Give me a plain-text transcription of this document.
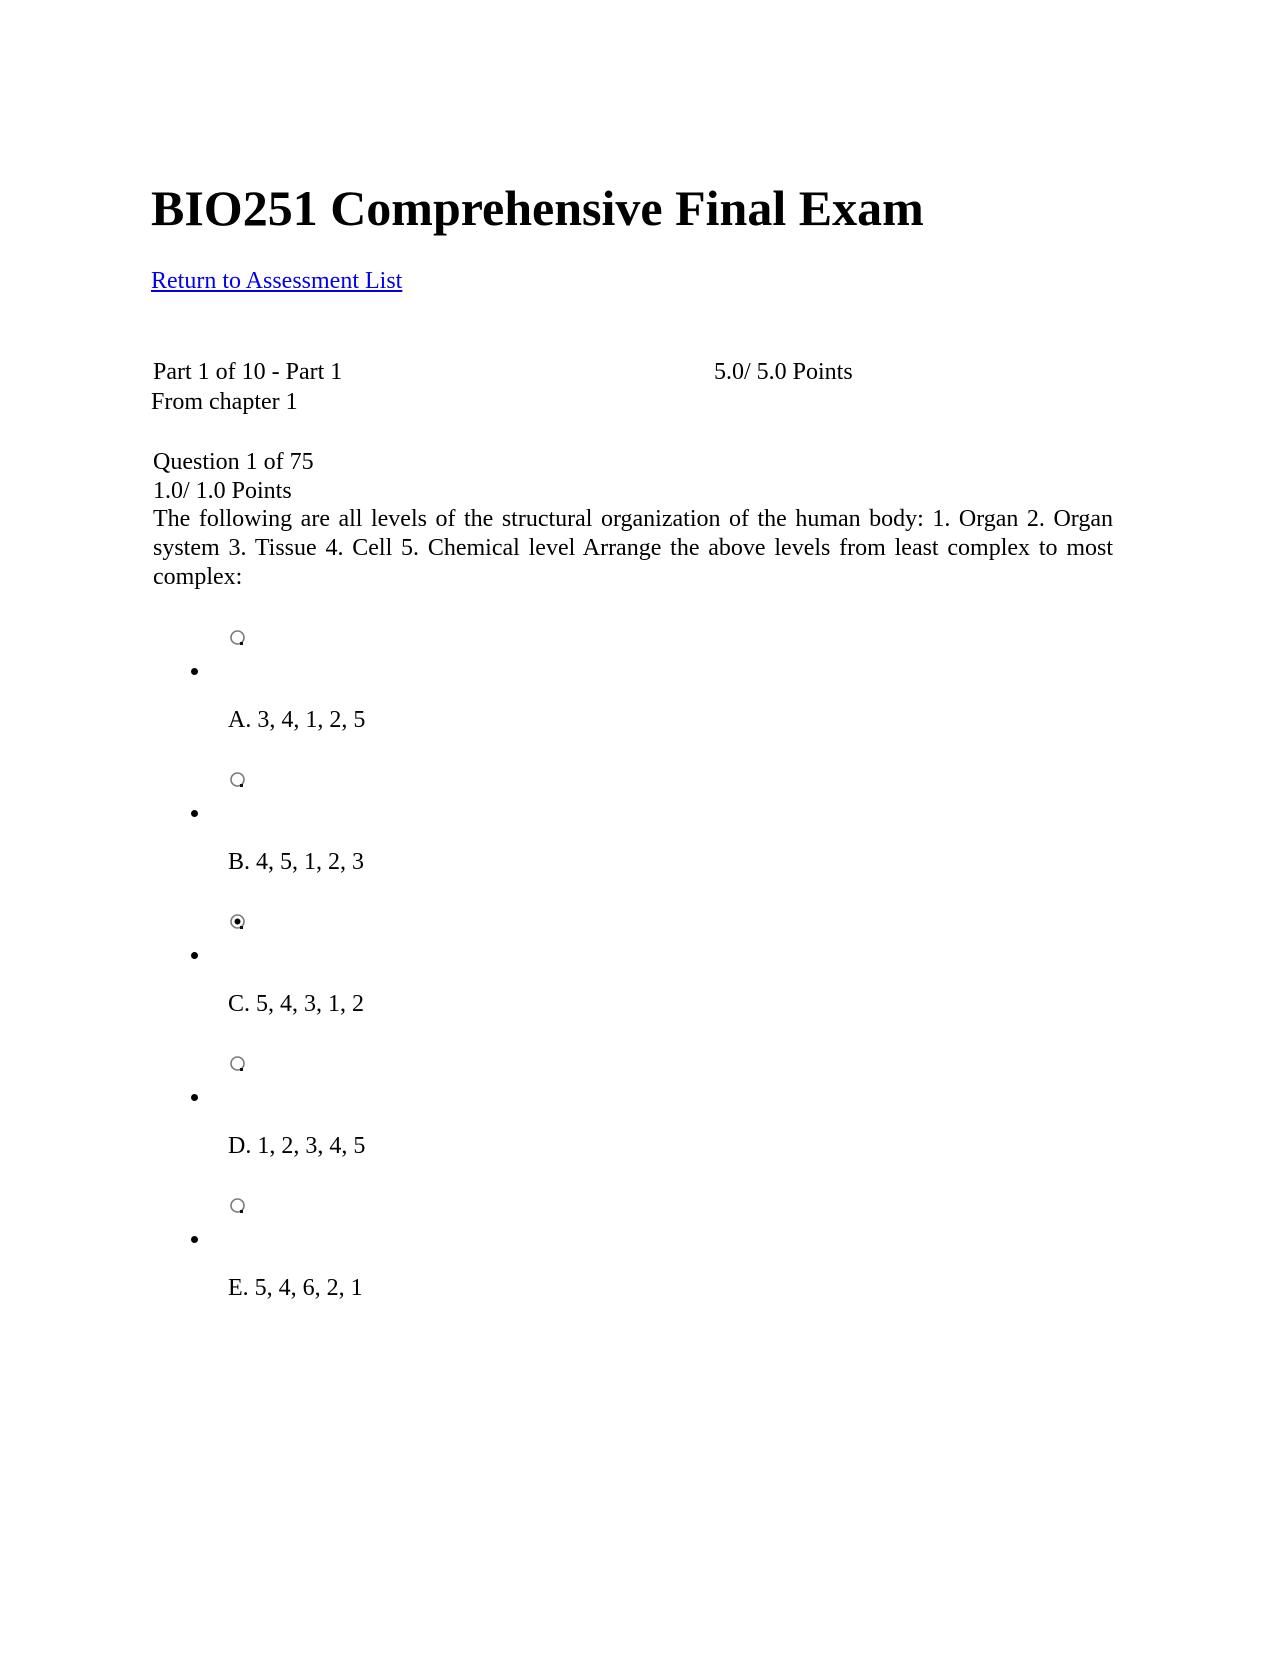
BIO251 Comprehensive Final Exam
Return to Assessment List
Part 1 of 10 - Part 1	5.0/ 5.0 Points
From chapter 1
Question 1 of 75
1.0/ 1.0 Points
The following are all levels of the structural organization of the human body: 1. Organ 2. Organ system 3. Tissue 4. Cell 5. Chemical level Arrange the above levels from least complex to most complex:
A. 3, 4, 1, 2, 5
B. 4, 5, 1, 2, 3
C. 5, 4, 3, 1, 2
D. 1, 2, 3, 4, 5
E. 5, 4, 6, 2, 1
